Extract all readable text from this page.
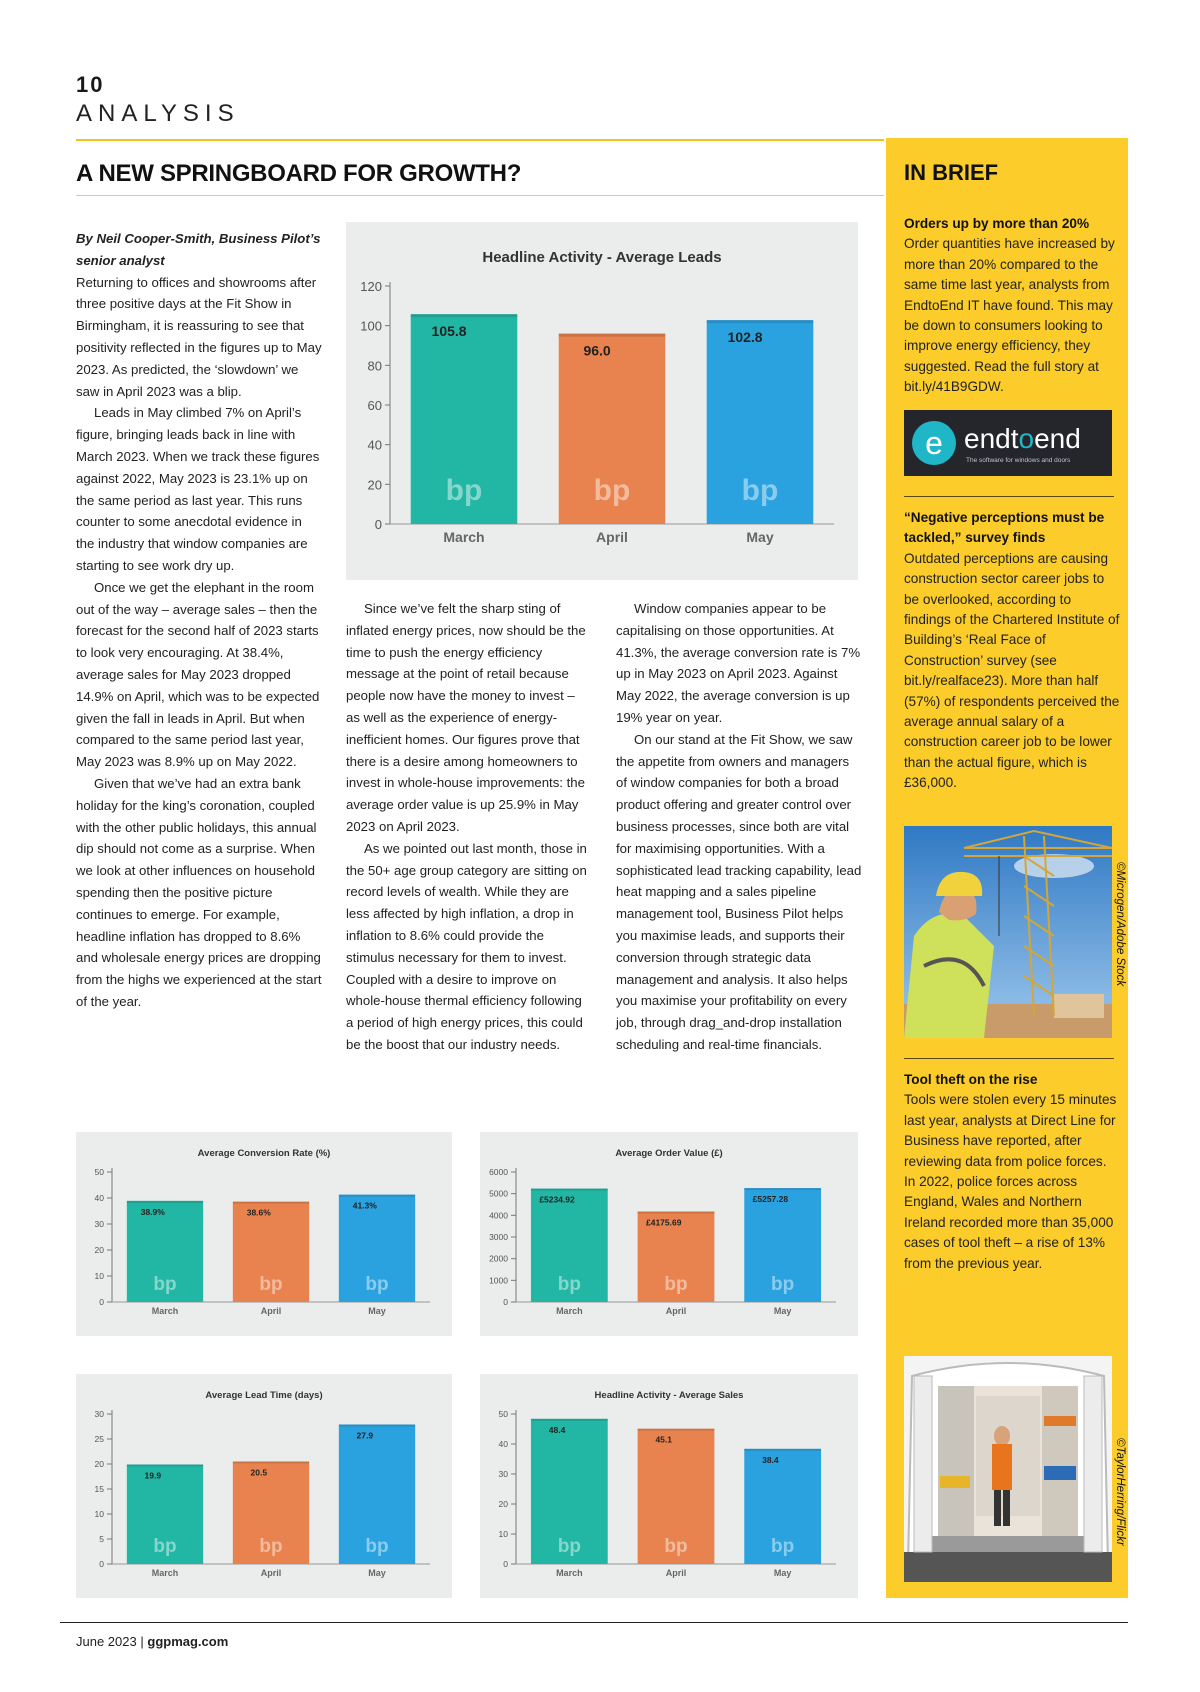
10
ANALYSIS
A NEW SPRINGBOARD FOR GROWTH?
Headline Activity - Average Leads
0
20
40
60
80
100
120
105.8
bp
March
96.0
bp
April
102.8
bp
May

By Neil Cooper-Smith, Business Pilot’s senior analyst

Returning to offices and showrooms after three positive days at the Fit Show in Birmingham, it is reassuring to see that positivity reflected in the figures up to May 2023. As predicted, the ‘slowdown’ we saw in April 2023 was a blip.

Leads in May climbed 7% on April’s figure, bringing leads back in line with March 2023. When we track these figures against 2022, May 2023 is 23.1% up on the same period as last year. This runs counter to some anecdotal evidence in the industry that window companies are starting to see work dry up.

Once we get the elephant in the room out of the way – average sales – then the forecast for the second half of 2023 starts to look very encouraging. At 38.4%, average sales for May 2023 dropped 14.9% on April, which was to be expected given the fall in leads in April. But when compared to the same period last year, May 2023 was 8.9% up on May 2022.

Given that we’ve had an extra bank holiday for the king’s coronation, coupled with the other public holidays, this annual dip should not come as a surprise. When we look at other influences on household spending then the positive picture continues to emerge. For example, headline inflation has dropped to 8.6% and wholesale energy prices are dropping from the highs we experienced at the start of the year.

Since we’ve felt the sharp sting of inflated energy prices, now should be the time to push the energy efficiency message at the point of retail because people now have the money to invest – as well as the experience of energy-inefficient homes. Our figures prove that there is a desire among homeowners to invest in whole-house improvements: the average order value is up 25.9% in May 2023 on April 2023.

As we pointed out last month, those in the 50+ age group category are sitting on record levels of wealth. While they are less affected by high inflation, a drop in inflation to 8.6% could provide the stimulus necessary for them to invest. Coupled with a desire to improve on whole-house thermal efficiency following a period of high energy prices, this could be the boost that our industry needs.

Window companies appear to be capitalising on those opportunities. At 41.3%, the average conversion rate is 7% up in May 2023 on April 2023. Against May 2022, the average conversion is up 19% year on year.

On our stand at the Fit Show, we saw the appetite from owners and managers of window companies for both a broad product offering and greater control over business processes, since both are vital for maximising opportunities. With a sophisticated lead tracking capability, lead heat mapping and a sales pipeline management tool, Business Pilot helps you maximise leads, and supports their conversion through strategic data management and analysis. It also helps you maximise your profitability on every job, through drag_and-drop installation scheduling and real-time financials.

Average Conversion Rate (%)
0
10
20
30
40
50
38.9%
bp
March
38.6%
bp
April
41.3%
bp
May
Average Order Value (£)
0
1000
2000
3000
4000
5000
6000
£5234.92
bp
March
£4175.69
bp
April
£5257.28
bp
May
Average Lead Time (days)
0
5
10
15
20
25
30
19.9
bp
March
20.5
bp
April
27.9
bp
May
Headline Activity - Average Sales
0
10
20
30
40
50
48.4
bp
March
45.1
bp
April
38.4
bp
May
IN BRIEF
Orders up by more than 20%
Order quantities have increased by more than 20% compared to the same time last year, analysts from EndtoEnd IT have found. This may be down to consumers looking to improve energy efficiency, they suggested. Read the full story at bit.ly/41B9GDW.
e endtoend
The software for windows and doors
“Negative perceptions must be tackled,” survey finds
Outdated perceptions are causing construction sector career jobs to be overlooked, according to findings of the Chartered Institute of Building’s ‘Real Face of Construction’ survey (see bit.ly/realface23). More than half (57%) of respondents perceived the average annual salary of a construction career job to be lower than the actual figure, which is £36,000.
©Microgen/Adobe Stock
Tool theft on the rise
Tools were stolen every 15 minutes last year, analysts at Direct Line for Business have reported, after reviewing data from police forces. In 2022, police forces across England, Wales and Northern Ireland recorded more than 35,000 cases of tool theft – a rise of 13% from the previous year.
©TaylorHerring/Flickr
June 2023 | ggpmag.com
